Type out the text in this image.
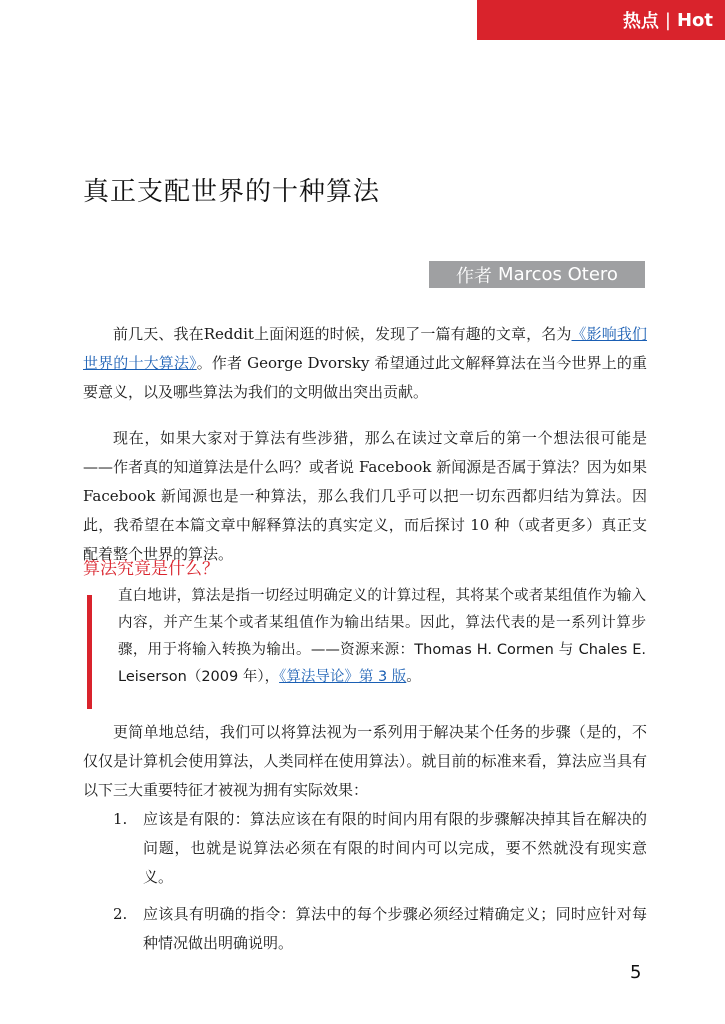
热点 | Hot
真正支配世界的十种算法
作者 Marcos Otero

前几天、我在Reddit上面闲逛的时候，发现了一篇有趣的文章，名为《影响我们世界的十大算法》。作者 George Dvorsky 希望通过此文解释算法在当今世界上的重要意义，以及哪些算法为我们的文明做出突出贡献。

现在，如果大家对于算法有些涉猎，那么在读过文章后的第一个想法很可能是——作者真的知道算法是什么吗？或者说 Facebook 新闻源是否属于算法？因为如果 Facebook 新闻源也是一种算法，那么我们几乎可以把一切东西都归结为算法。因此，我希望在本篇文章中解释算法的真实定义，而后探讨 10 种（或者更多）真正支配着整个世界的算法。

算法究竟是什么？

直白地讲，算法是指一切经过明确定义的计算过程，其将某个或者某组值作为输入内容，并产生某个或者某组值作为输出结果。因此，算法代表的是一系列计算步骤，用于将输入转换为输出。——资源来源：Thomas H. Cormen 与 Chales E. Leiserson（2009 年），《算法导论》第 3 版。

更简单地总结，我们可以将算法视为一系列用于解决某个任务的步骤（是的，不仅仅是计算机会使用算法，人类同样在使用算法）。就目前的标准来看，算法应当具有以下三大重要特征才被视为拥有实际效果：

1.	应该是有限的：算法应该在有限的时间内用有限的步骤解决掉其旨在解决的问题，也就是说算法必须在有限的时间内可以完成，要不然就没有现实意义。
2.	应该具有明确的指令：算法中的每个步骤必须经过精确定义；同时应针对每种情况做出明确说明。
5
